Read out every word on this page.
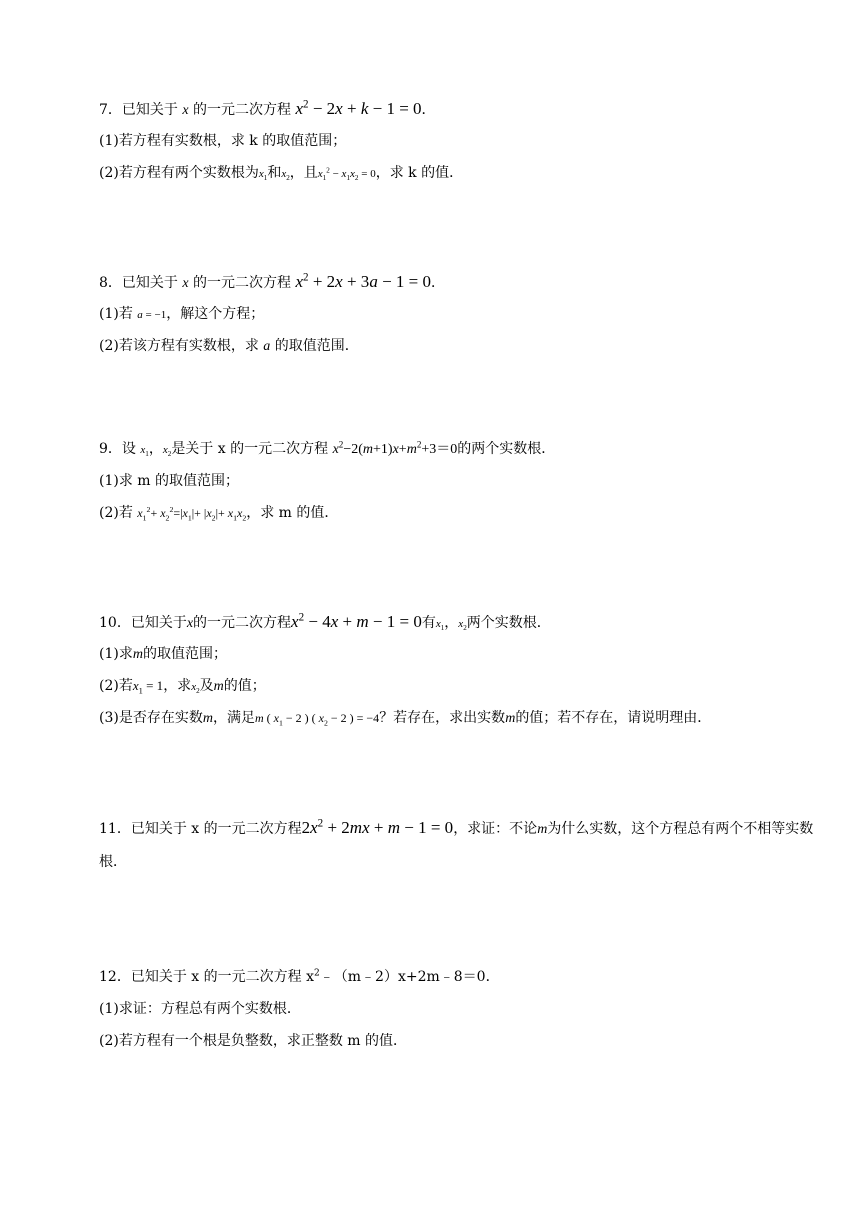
7．已知关于 x 的一元二次方程 $x^2 - 2x + k - 1 = 0$．
(1)若方程有实数根，求 k 的取值范围；
(2)若方程有两个实数根为$x_1$和$x_2$，且$x_1^2 - x_1x_2 = 0$，求 k 的值．
8．已知关于 x 的一元二次方程 $x^2 + 2x + 3a - 1 = 0$．
(1)若 a = −1，解这个方程；
(2)若该方程有实数根，求 a 的取值范围．
9．设 $x_1$，$x_2$是关于 x 的一元二次方程 $x^2-2(m+1)x+m^2+3=0$的两个实数根．
(1)求 m 的取值范围；
(2)若 $x_1^2+ x_2^2=|x_1|+ |x_2|+ x_1x_2$，求 m 的值．
10．已知关于x的一元二次方程$x^2 - 4x + m - 1 = 0$有$x_1$，$x_2$两个实数根．
(1)求m的取值范围；
(2)若$x_1 = 1$，求$x_2$及m的值；
(3)是否存在实数m，满足m ( $x_1 - 2$ ) ( $x_2 - 2$ ) = −4？若存在，求出实数m的值；若不存在，请说明理由．
11．已知关于 x 的一元二次方程$2x^2 + 2mx + m - 1 = 0$，求证：不论m为什么实数，这个方程总有两个不相等实数根．
12．已知关于 x 的一元二次方程 $x^2﹣(m﹣2)x+2m﹣8=0$．
(1)求证：方程总有两个实数根．
(2)若方程有一个根是负整数，求正整数 m 的值．
